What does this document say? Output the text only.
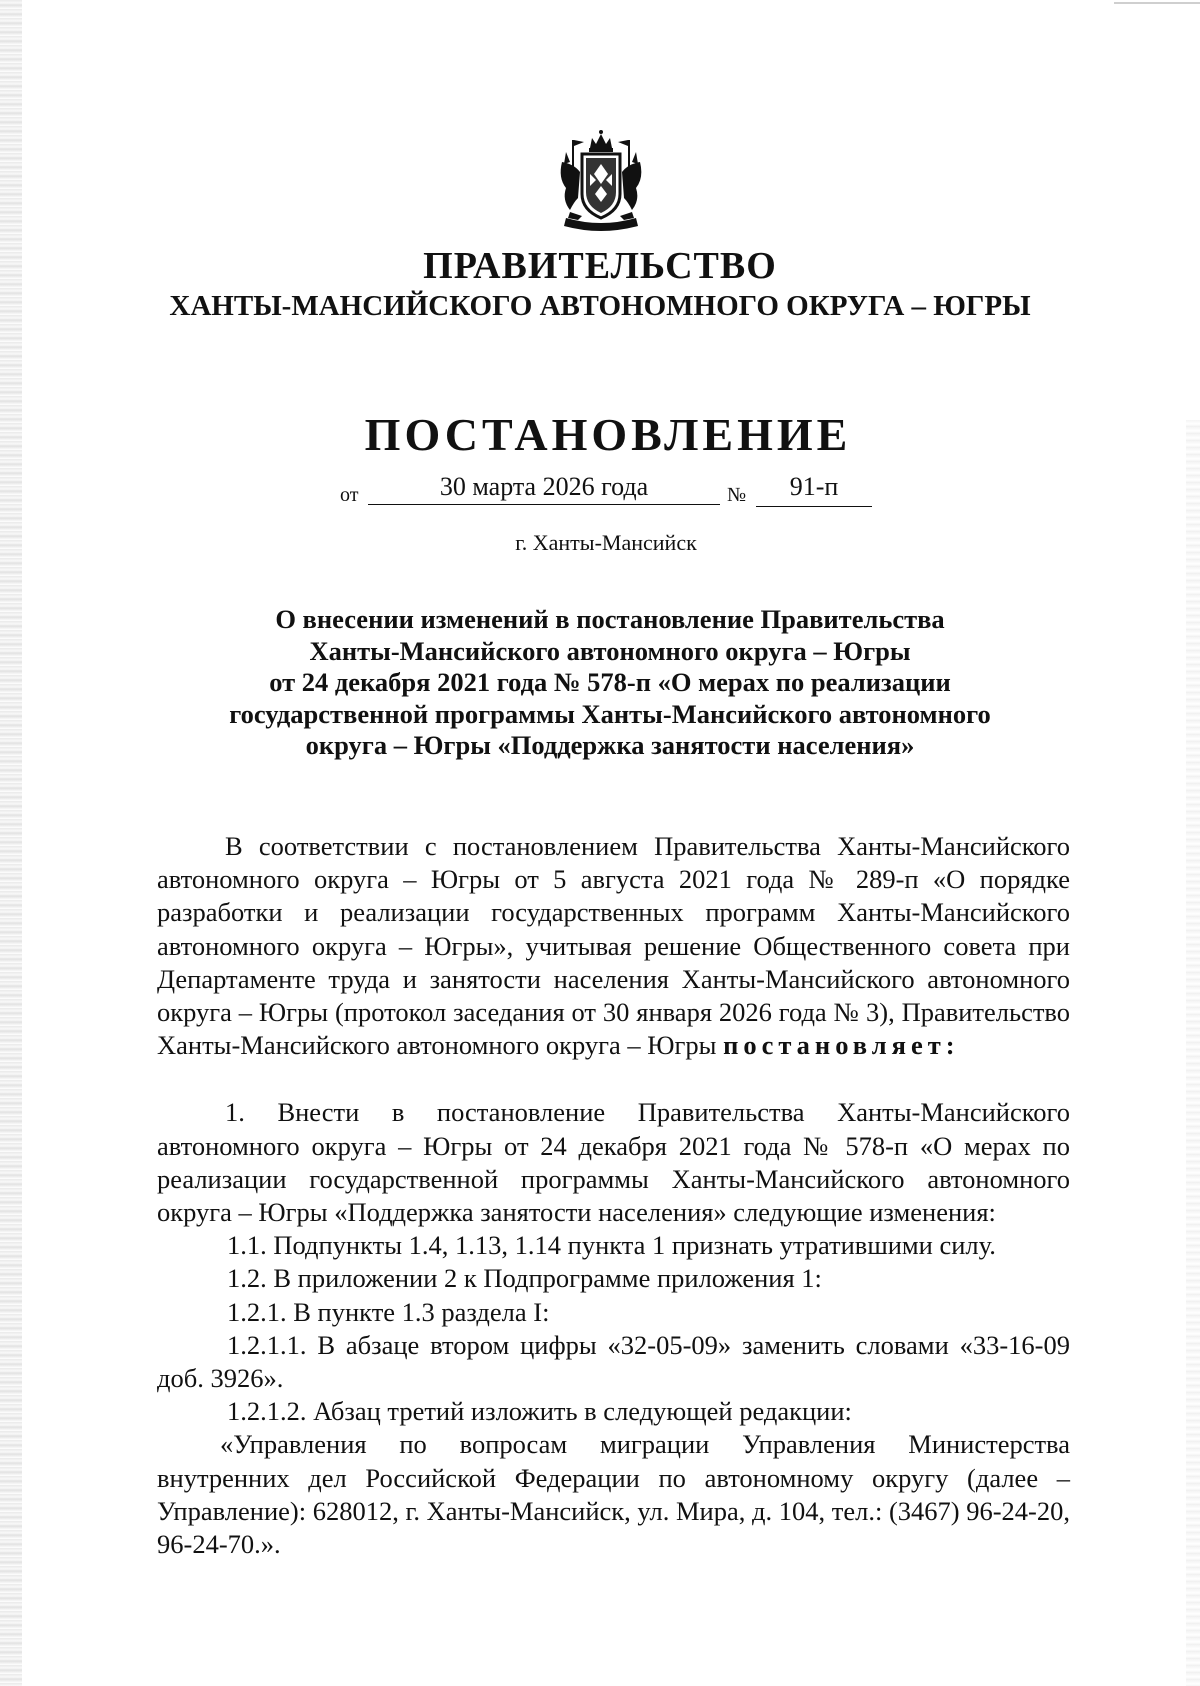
ПРАВИТЕЛЬСТВО
ХАНТЫ-МАНСИЙСКОГО АВТОНОМНОГО ОКРУГА – ЮГРЫ
ПОСТАНОВЛЕНИЕ
от	30 марта 2026 года	№	91-п
г. Ханты-Мансийск
О внесении изменений в постановление Правительства
Ханты-Мансийского автономного округа – Югры
от 24 декабря 2021 года № 578-п «О мерах по реализации
государственной программы Ханты-Мансийского автономного
округа – Югры «Поддержка занятости населения»

В соответствии с постановлением Правительства Ханты-Мансийского автономного округа – Югры от 5 августа 2021 года № 289-п «О порядке разработки и реализации государственных программ Ханты-Мансийского автономного округа – Югры», учитывая решение Общественного совета при Департаменте труда и занятости населения Ханты-Мансийского автономного округа – Югры (протокол заседания от 30 января 2026 года № 3), Правительство Ханты-Мансийского автономного округа – Югры постановляет:

1. Внести в постановление Правительства Ханты-Мансийского автономного округа – Югры от 24 декабря 2021 года № 578-п «О мерах по реализации государственной программы Ханты-Мансийского автономного округа – Югры «Поддержка занятости населения» следующие изменения:

1.1. Подпункты 1.4, 1.13, 1.14 пункта 1 признать утратившими силу.

1.2. В приложении 2 к Подпрограмме приложения 1:

1.2.1. В пункте 1.3 раздела I:

1.2.1.1. В абзаце втором цифры «32-05-09» заменить словами «33-16-09 доб. 3926».

1.2.1.2. Абзац третий изложить в следующей редакции:

«Управления по вопросам миграции Управления Министерства внутренних дел Российской Федерации по автономному округу (далее – Управление): 628012, г. Ханты-Мансийск, ул. Мира, д. 104, тел.: (3467) 96-24-20, 96-24-70.».
